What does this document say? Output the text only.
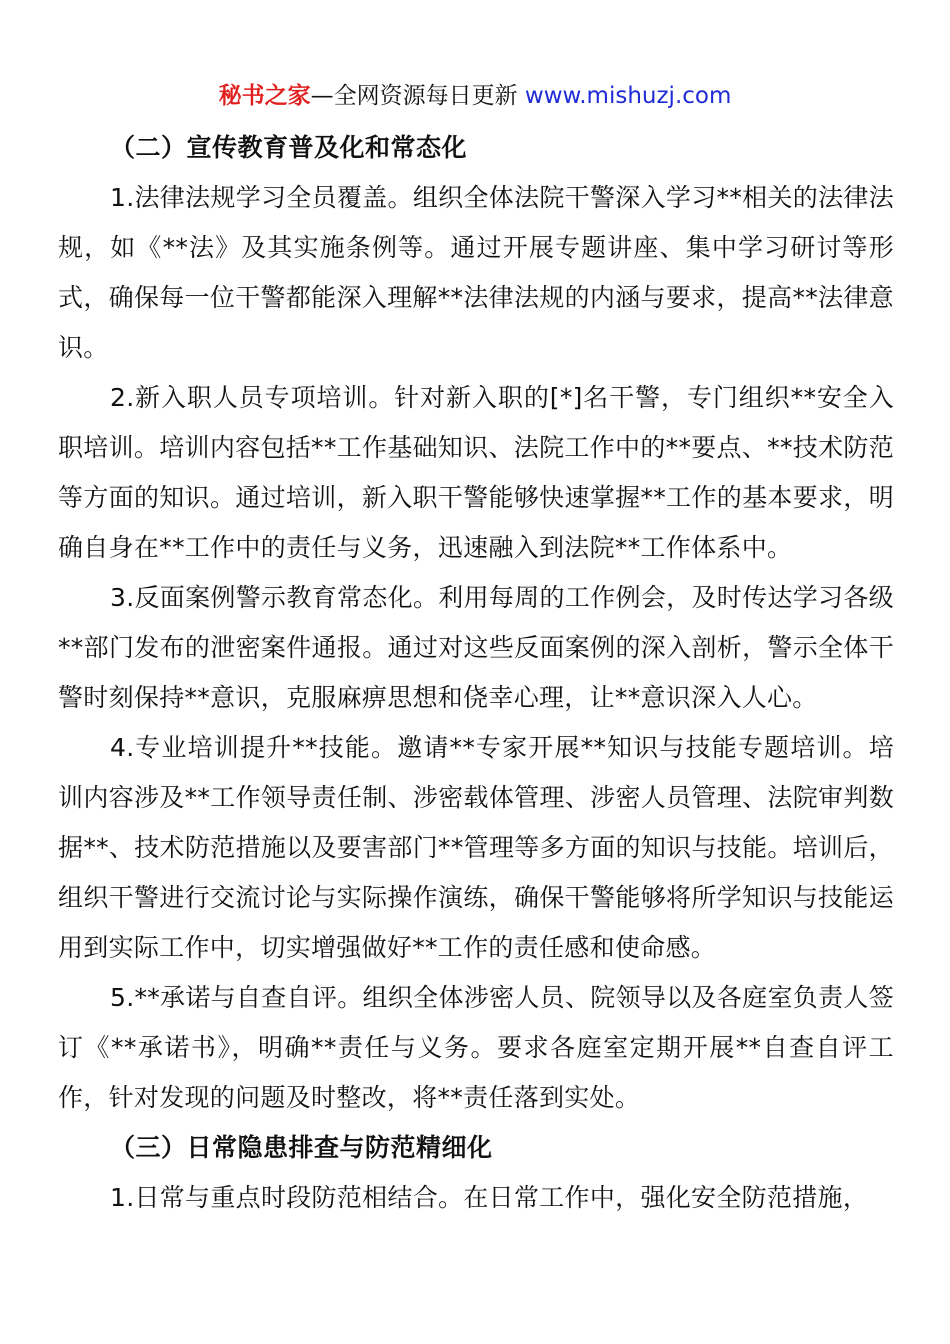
秘书之家—全网资源每日更新 www.mishuzj.com

（二）宣传教育普及化和常态化

1.法律法规学习全员覆盖。组织全体法院干警深入学习**相关的法律法规，如《**法》及其实施条例等。通过开展专题讲座、集中学习研讨等形式，确保每一位干警都能深入理解**法律法规的内涵与要求，提高**法律意识。

2.新入职人员专项培训。针对新入职的[*]名干警，专门组织**安全入职培训。培训内容包括**工作基础知识、法院工作中的**要点、**技术防范等方面的知识。通过培训，新入职干警能够快速掌握**工作的基本要求，明确自身在**工作中的责任与义务，迅速融入到法院**工作体系中。

3.反面案例警示教育常态化。利用每周的工作例会，及时传达学习各级**部门发布的泄密案件通报。通过对这些反面案例的深入剖析，警示全体干警时刻保持**意识，克服麻痹思想和侥幸心理，让**意识深入人心。

4.专业培训提升**技能。邀请**专家开展**知识与技能专题培训。培训内容涉及**工作领导责任制、涉密载体管理、涉密人员管理、法院审判数据**、技术防范措施以及要害部门**管理等多方面的知识与技能。培训后，组织干警进行交流讨论与实际操作演练，确保干警能够将所学知识与技能运用到实际工作中，切实增强做好**工作的责任感和使命感。

5.**承诺与自查自评。组织全体涉密人员、院领导以及各庭室负责人签订《**承诺书》，明确**责任与义务。要求各庭室定期开展**自查自评工作，针对发现的问题及时整改，将**责任落到实处。

（三）日常隐患排查与防范精细化

1.日常与重点时段防范相结合。在日常工作中，强化安全防范措施，
